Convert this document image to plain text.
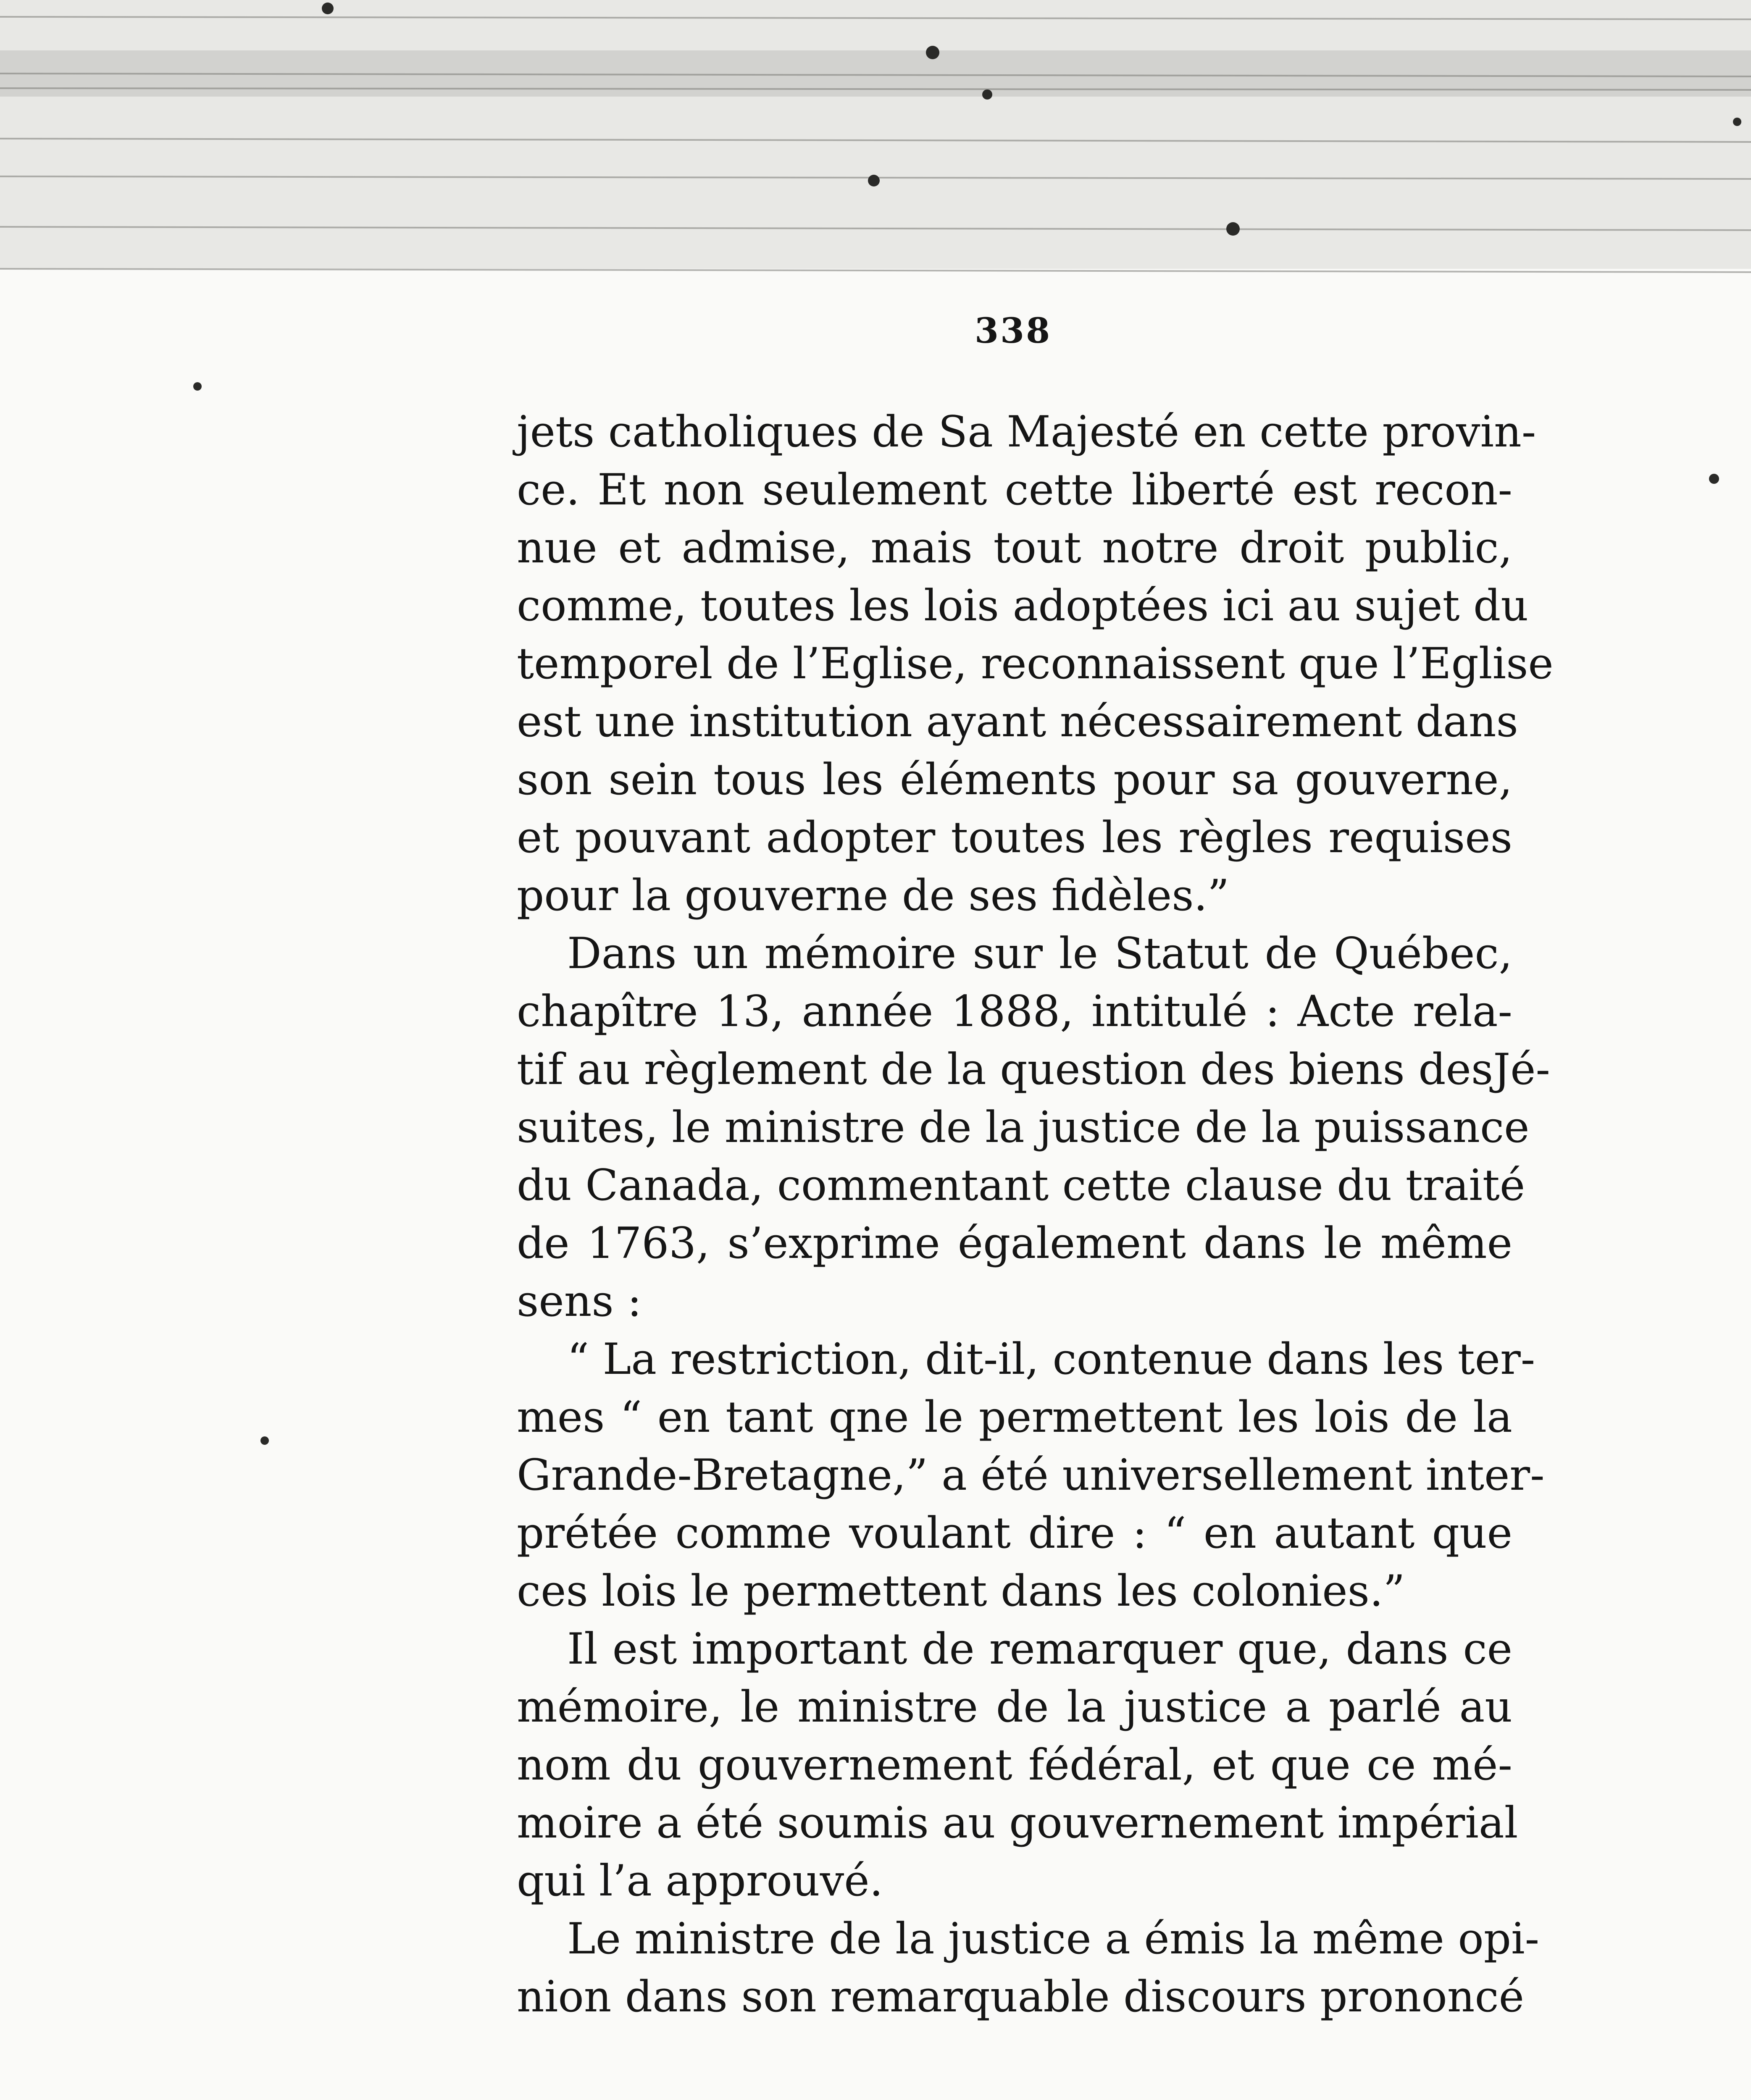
338
jets catholiques de Sa Majesté en cette provin-
ce. Et non seulement cette liberté est recon-
nue et admise, mais tout notre droit public,
comme, toutes les lois adoptées ici au sujet du
temporel de l’Eglise, reconnaissent que l’Eglise
est une institution ayant nécessairement dans
son sein tous les éléments pour sa gouverne,
et pouvant adopter toutes les règles requises
pour la gouverne de ses fidèles.”
Dans un mémoire sur le Statut de Québec,
chapître 13, année 1888, intitulé : Acte rela-
tif au règlement de la question des biens desJé-
suites, le ministre de la justice de la puissance
du Canada, commentant cette clause du traité
de 1763, s’exprime également dans le même
sens :
“ La restriction, dit-il, contenue dans les ter-
mes “ en tant qne le permettent les lois de la
Grande-Bretagne,” a été universellement inter-
prétée comme voulant dire : “ en autant que
ces lois le permettent dans les colonies.”
Il est important de remarquer que, dans ce
mémoire, le ministre de la justice a parlé au
nom du gouvernement fédéral, et que ce mé-
moire a été soumis au gouvernement impérial
qui l’a approuvé.
Le ministre de la justice a émis la même opi-
nion dans son remarquable discours prononcé
